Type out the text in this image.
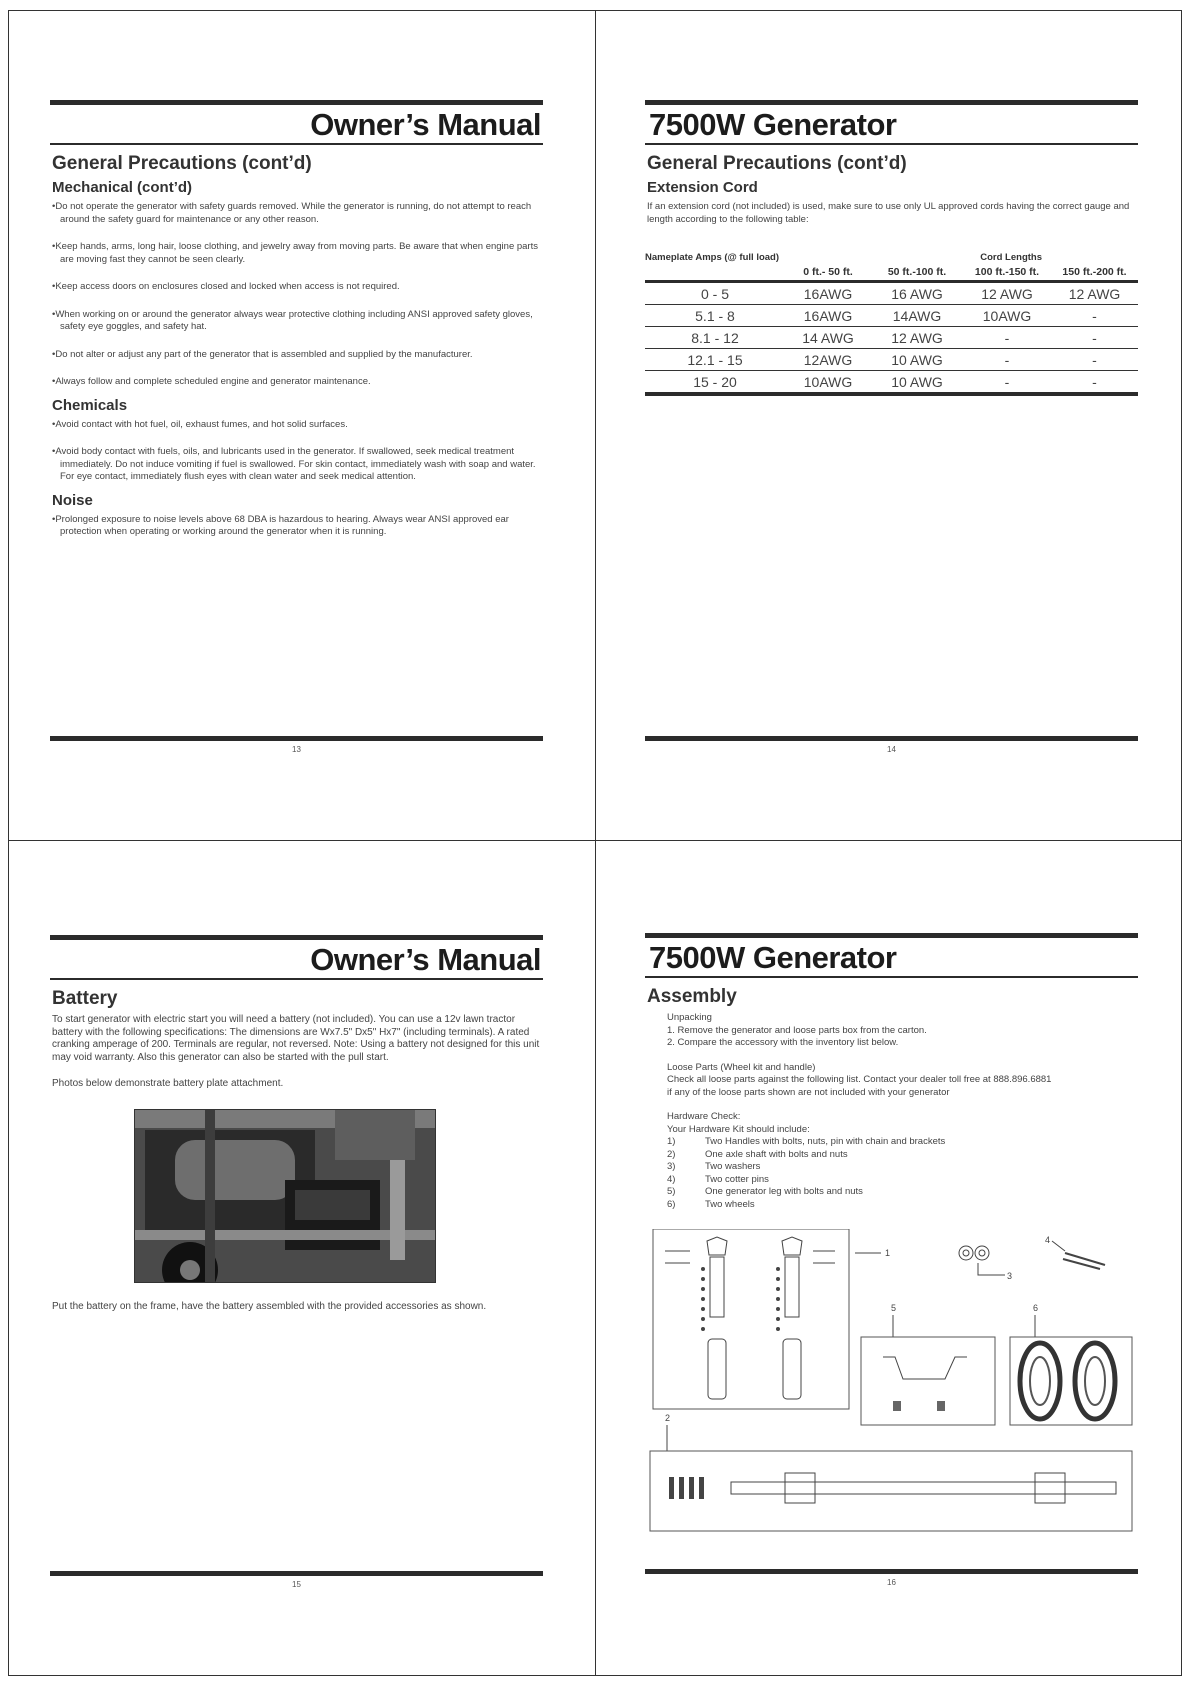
Owner’s Manual
General Precautions (cont’d)
Mechanical (cont’d)
• Do not operate the generator with safety guards removed. While the generator is running, do not attempt to reach around the safety guard for maintenance or any other reason.
• Keep hands, arms, long hair, loose clothing, and jewelry away from moving parts. Be aware that when engine parts are moving fast they cannot be seen clearly.
• Keep access doors on enclosures closed and locked when access is not required.
• When working on or around the generator always wear protective clothing including ANSI approved safety gloves, safety eye goggles, and safety hat.
• Do not alter or adjust any part of the generator that is assembled and supplied by the manufacturer.
• Always follow and complete scheduled engine and generator maintenance.
Chemicals
• Avoid contact with hot fuel, oil, exhaust fumes, and hot solid surfaces.
• Avoid body contact with fuels, oils, and lubricants used in the generator. If swallowed, seek medical treatment immediately. Do not induce vomiting if fuel is swallowed. For skin contact, immediately wash with soap and water. For eye contact, immediately flush eyes with clean water and seek medical attention.
Noise
• Prolonged exposure to noise levels above 68 DBA is hazardous to hearing. Always wear ANSI approved ear protection when operating or working around the generator when it is running.
13
7500W Generator
General Precautions (cont’d)
Extension Cord
If an extension cord (not included) is used, make sure to use only UL approved cords having the correct gauge and length according to the following table:
Nameplate Amps (@ full load)	Cord Lengths
0 ft.- 50 ft.	50 ft.-100 ft.	100 ft.-150 ft.	150 ft.-200 ft.
0 - 5	16AWG	16 AWG	12 AWG	12 AWG
5.1 - 8	16AWG	14AWG	10AWG	-
8.1 - 12	14 AWG	12 AWG	-	-
12.1 - 15	12AWG	10 AWG	-	-
15 - 20	10AWG	10 AWG	-	-
14
Owner’s Manual
Battery
To start generator with electric start you will need a battery (not included). You can use a 12v lawn tractor battery with the following specifications: The dimensions are Wx7.5" Dx5" Hx7" (including terminals). A rated cranking amperage of 200. Terminals are regular, not reversed. Note: Using a battery not designed for this unit may void warranty. Also this generator can also be started with the pull start.
Photos below demonstrate battery plate attachment.
Put the battery on the frame, have the battery assembled with the provided accessories as shown.
15
7500W Generator
Assembly
Unpacking
1. Remove the generator and loose parts box from the carton.
2. Compare the accessory with the inventory list below.
Loose Parts (Wheel kit and handle)
Check all loose parts against the following list. Contact your dealer toll free at 888.896.6881
if any of the loose parts shown are not included with your generator
Hardware Check:
Your Hardware Kit should include:
1)	Two Handles with bolts, nuts, pin with chain and brackets
2)	One axle shaft with bolts and nuts
3)	Two washers
4)	Two cotter pins
5)	One generator leg with bolts and nuts
6)	Two wheels
1
3
4
5	6
2
16
